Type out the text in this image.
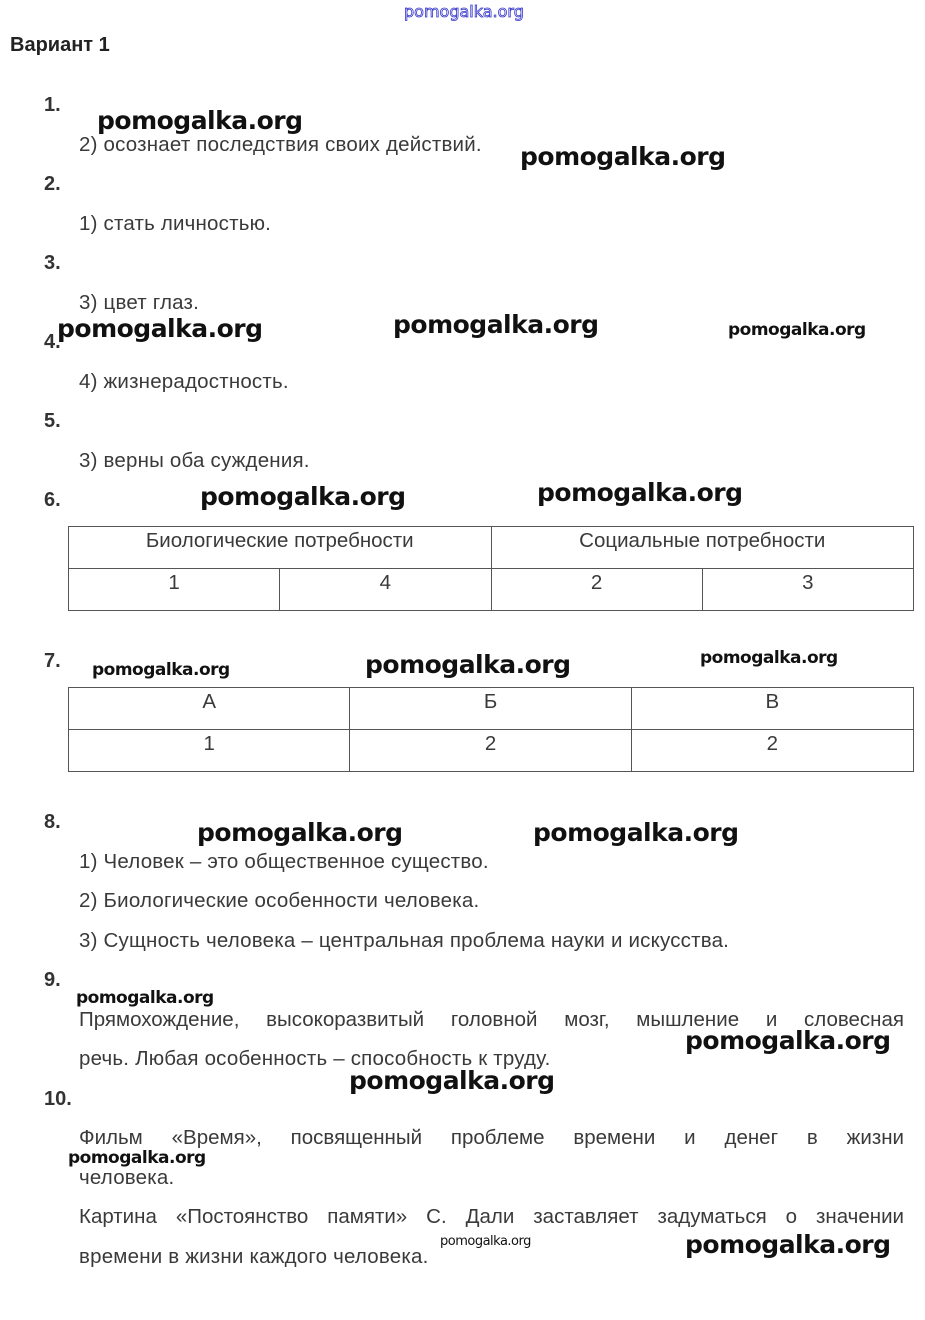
pomogalka.org
Вариант 1
1.
2) осознает последствия своих действий.
2.
1) стать личностью.
3.
3) цвет глаз.
4.
4) жизнерадостность.
5.
3) верны оба суждения.
6.
Биологические потребности		Социальные потребности	
1	4	2	3
7.
А	Б	В
1	2	2
8.
1) Человек – это общественное существо.
2) Биологические особенности человека.
3) Сущность человека – центральная проблема науки и искусства.
9.
Прямохождение, высокоразвитый головной мозг, мышление и словесная
речь. Любая особенность – способность к труду.
10.
Фильм «Время», посвященный проблеме времени и денег в жизни
человека.
Картина «Постоянство памяти» С. Дали заставляет задуматься о значении
времени в жизни каждого человека.
pomogalka.org
pomogalka.org
pomogalka.org	pomogalka.org	pomogalka.org
pomogalka.org	pomogalka.org
pomogalka.org	pomogalka.org	pomogalka.org
pomogalka.org	pomogalka.org
pomogalka.org
pomogalka.org
pomogalka.org
pomogalka.org
pomogalka.org	pomogalka.org
